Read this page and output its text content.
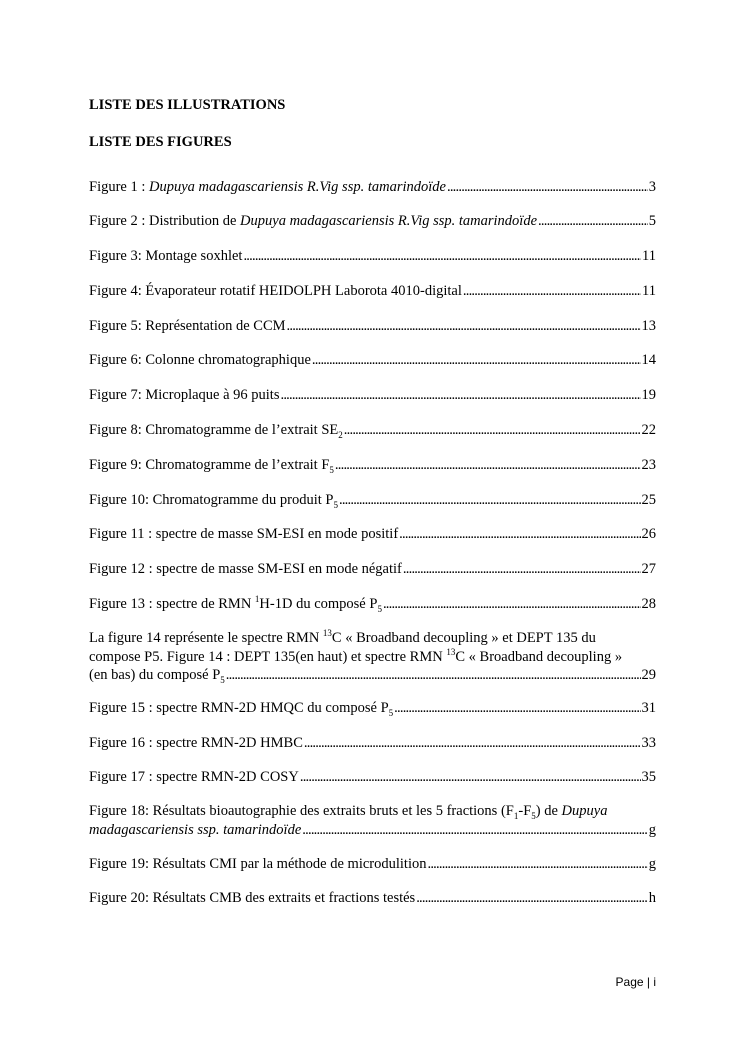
LISTE DES ILLUSTRATIONS
LISTE DES FIGURES
Figure 1 : Dupuya madagascariensis R.Vig ssp. tamarindoïde . . .	3
Figure 2 : Distribution de Dupuya madagascariensis R.Vig ssp. tamarindoïde . . .	5
Figure 3: Montage soxhlet . . .	11
Figure 4: Évaporateur rotatif HEIDOLPH Laborota 4010-digital . . .	11
Figure 5: Représentation de CCM . . .	13
Figure 6: Colonne chromatographique . . .	14
Figure 7: Microplaque à 96 puits . . .	19
Figure 8: Chromatogramme de l’extrait $SE_2$ . . .	22
Figure 9: Chromatogramme de l’extrait $F_5$ . . .	23
Figure 10: Chromatogramme du produit $P_5$ . . .	25
Figure 11 : spectre de masse SM-ESI en mode positif . . .	26
Figure 12 : spectre de masse SM-ESI en mode négatif . . .	27
Figure 13 : spectre de RMN $^1$H-1D du composé $P_5$ . . .	28
La figure 14 représente le spectre RMN $^{13}$C « Broadband decoupling » et DEPT 135 du
compose P5. Figure 14 : DEPT 135(en haut) et spectre RMN $^{13}$C « Broadband decoupling »
(en bas) du composé $P_5$ . . .	29
Figure 15 : spectre RMN-2D HMQC du composé $P_5$ . . .	31
Figure 16 : spectre RMN-2D HMBC . . .	33
Figure 17 : spectre RMN-2D COSY . . .	35
Figure 18: Résultats bioautographie des extraits bruts et les 5 fractions $(F_1-F_5)$ de Dupuya
madagascariensis ssp. tamarindoïde . . .	g
Figure 19: Résultats CMI par la méthode de microdulition . . .	g
Figure 20: Résultats CMB des extraits et fractions testés . . .	h
Page | i
